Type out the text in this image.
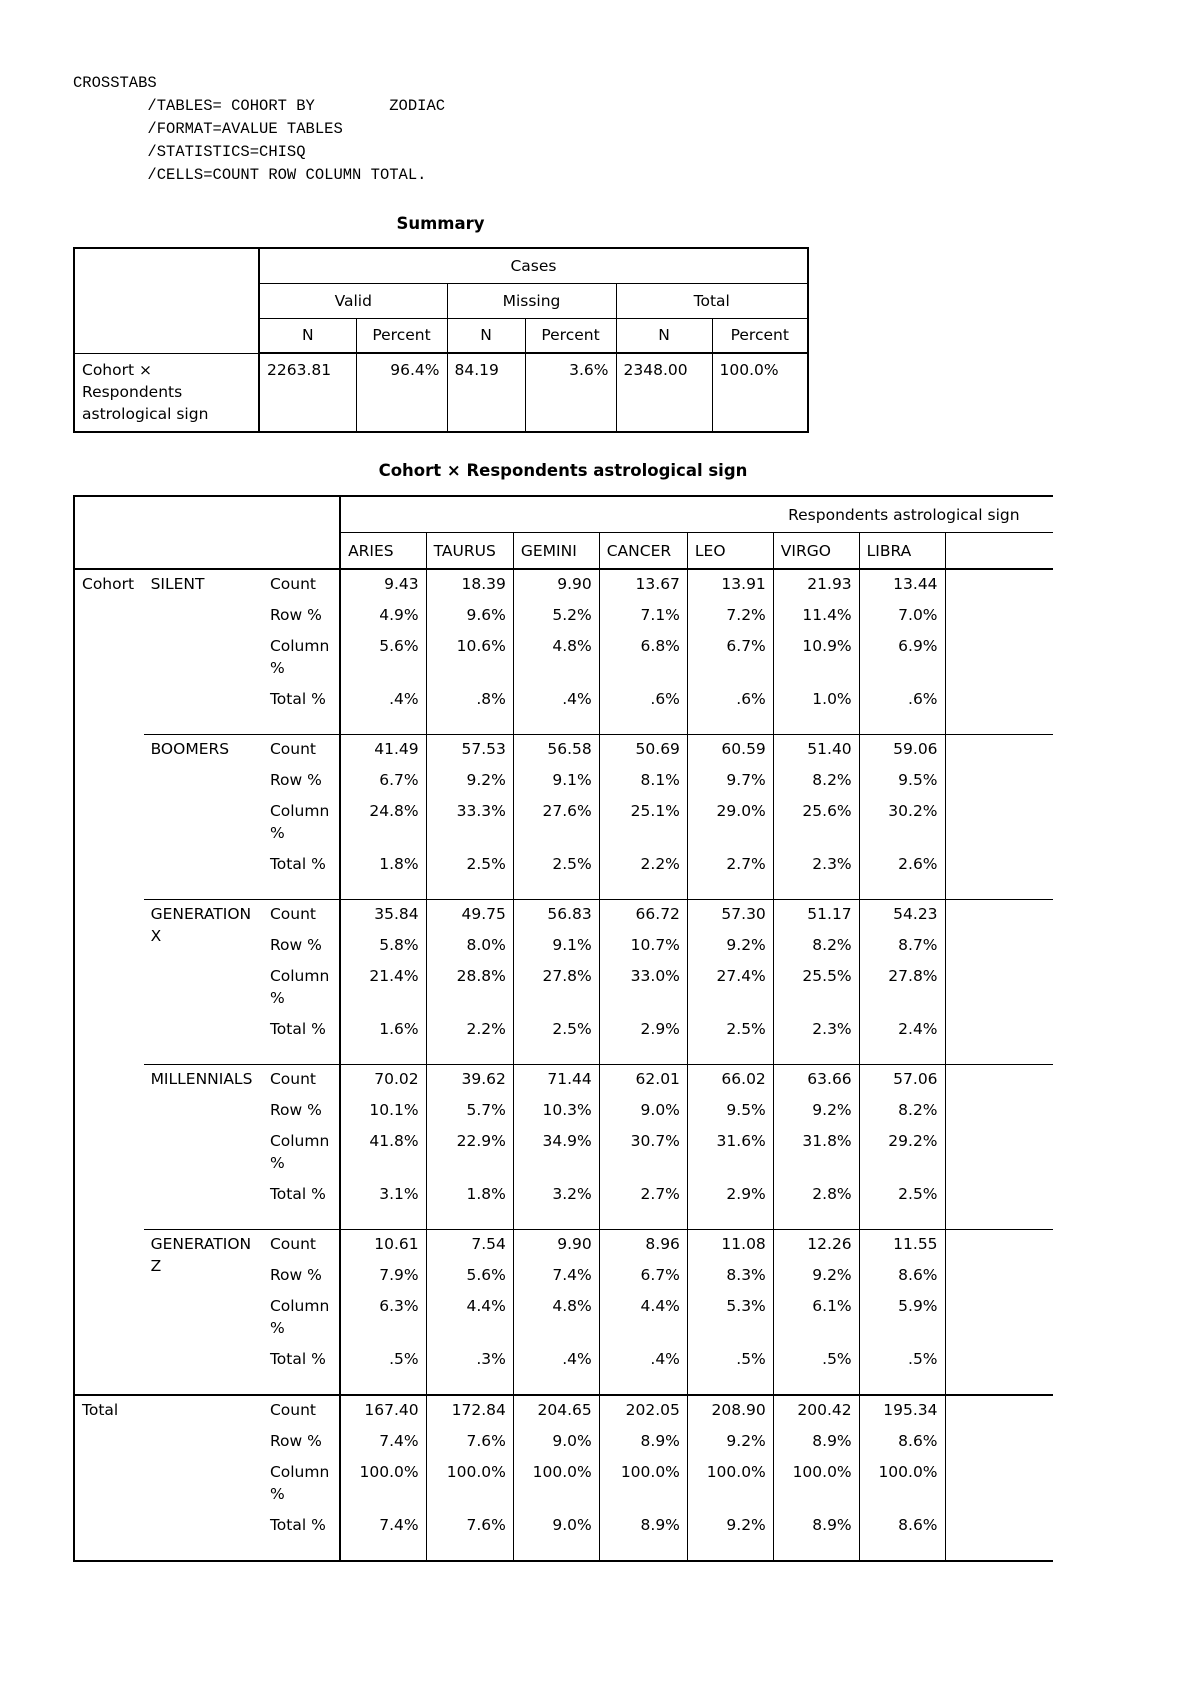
CROSSTABS
/TABLES= COHORT BY        ZODIAC
/FORMAT=AVALUE TABLES
/STATISTICS=CHISQ
/CELLS=COUNT ROW COLUMN TOTAL.
Summary
	Cases					
	Valid		Missing		Total	
	N	Percent	N	Percent	N	Percent
Cohort × Respondents astrological sign	2263.81	96.4%	84.19	3.6%	2348.00	100.0%
Cohort × Respondents astrological sign
			Respondents astrological sign							
			ARIES	TAURUS	GEMINI	CANCER	LEO	VIRGO	LIBRA	
Cohort	SILENT	Count	9.43	18.39	9.90	13.67	13.91	21.93	13.44	
		Row %	4.9%	9.6%	5.2%	7.1%	7.2%	11.4%	7.0%	
		Column %	5.6%	10.6%	4.8%	6.8%	6.7%	10.9%	6.9%	
		Total %	.4%	.8%	.4%	.6%	.6%	1.0%	.6%	
	BOOMERS	Count	41.49	57.53	56.58	50.69	60.59	51.40	59.06	
		Row %	6.7%	9.2%	9.1%	8.1%	9.7%	8.2%	9.5%	
		Column %	24.8%	33.3%	27.6%	25.1%	29.0%	25.6%	30.2%	
		Total %	1.8%	2.5%	2.5%	2.2%	2.7%	2.3%	2.6%	
	GENERATION X	Count	35.84	49.75	56.83	66.72	57.30	51.17	54.23	
		Row %	5.8%	8.0%	9.1%	10.7%	9.2%	8.2%	8.7%	
		Column %	21.4%	28.8%	27.8%	33.0%	27.4%	25.5%	27.8%	
		Total %	1.6%	2.2%	2.5%	2.9%	2.5%	2.3%	2.4%	
	MILLENNIALS	Count	70.02	39.62	71.44	62.01	66.02	63.66	57.06	
		Row %	10.1%	5.7%	10.3%	9.0%	9.5%	9.2%	8.2%	
		Column %	41.8%	22.9%	34.9%	30.7%	31.6%	31.8%	29.2%	
		Total %	3.1%	1.8%	3.2%	2.7%	2.9%	2.8%	2.5%	
	GENERATION Z	Count	10.61	7.54	9.90	8.96	11.08	12.26	11.55	
		Row %	7.9%	5.6%	7.4%	6.7%	8.3%	9.2%	8.6%	
		Column %	6.3%	4.4%	4.8%	4.4%	5.3%	6.1%	5.9%	
		Total %	.5%	.3%	.4%	.4%	.5%	.5%	.5%	
Total		Count	167.40	172.84	204.65	202.05	208.90	200.42	195.34	
		Row %	7.4%	7.6%	9.0%	8.9%	9.2%	8.9%	8.6%	
		Column %	100.0%	100.0%	100.0%	100.0%	100.0%	100.0%	100.0%	
		Total %	7.4%	7.6%	9.0%	8.9%	9.2%	8.9%	8.6%	
